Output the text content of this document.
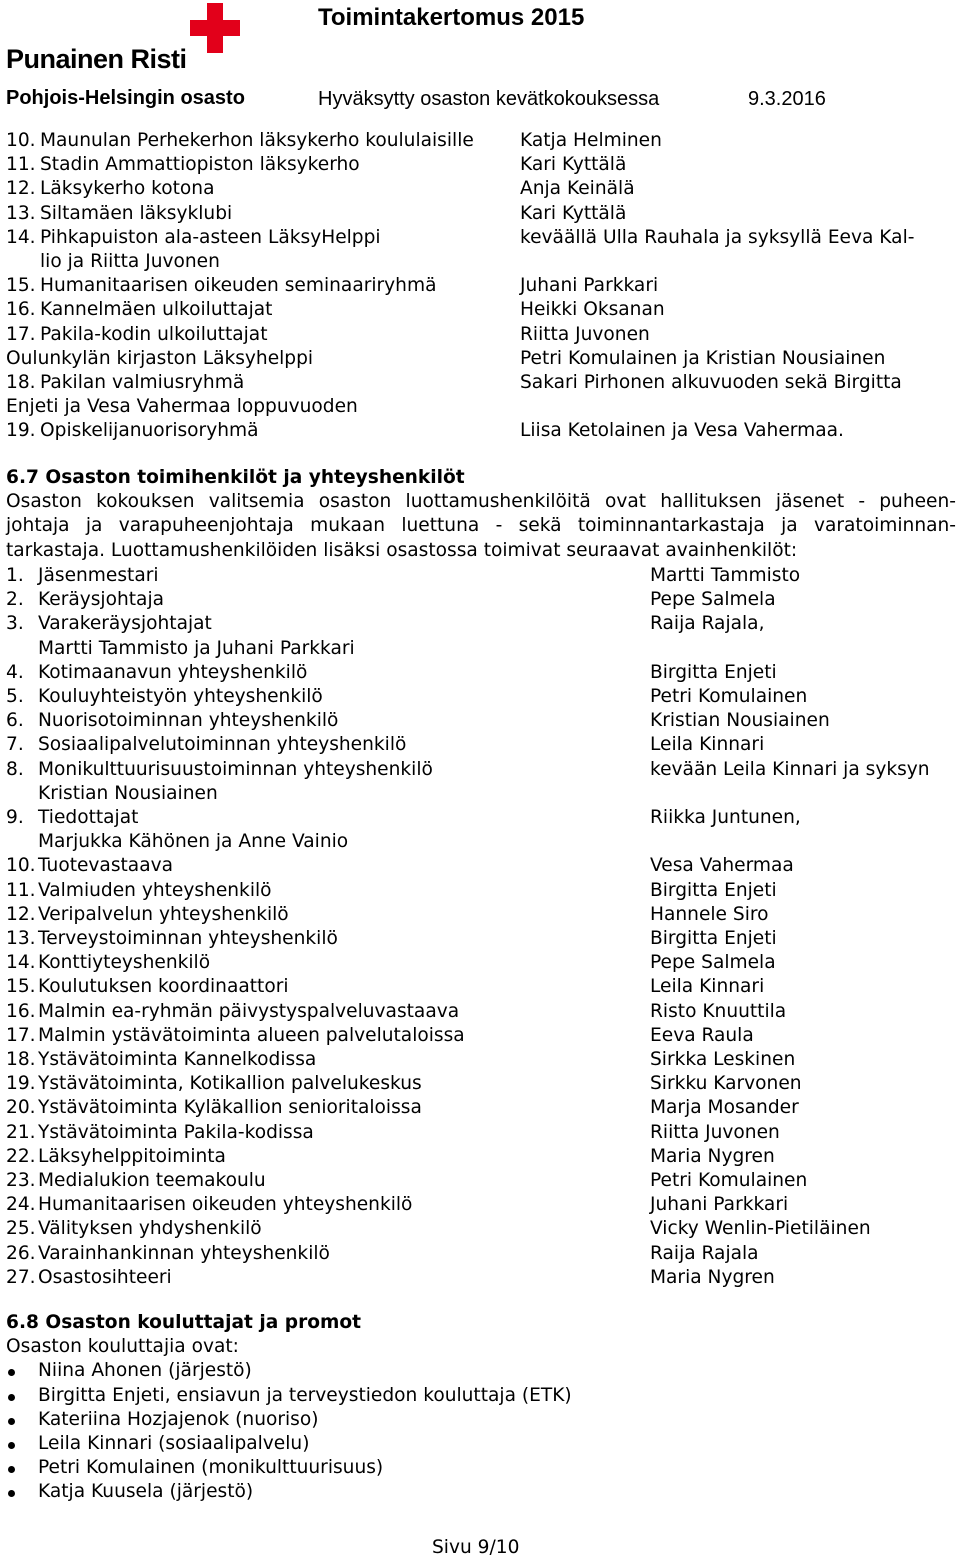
Punainen Risti
Toimintakertomus 2015
Pohjois-Helsingin osasto	Hyväksytty osaston kevätkokouksessa	9.3.2016
10. Maunulan Perhekerhon läksykerho koululaisille Katja Helminen
11. Stadin Ammattiopiston läksykerho	Kari Kyttälä
12. Läksykerho kotona	Anja Keinälä
13. Siltamäen läksyklubi	Kari Kyttälä
14. Pihkapuiston ala-asteen LäksyHelppi	keväällä Ulla Rauhala ja syksyllä Eeva Kal-
lio ja Riitta Juvonen
15. Humanitaarisen oikeuden seminaariryhmä	Juhani Parkkari
16. Kannelmäen ulkoiluttajat	Heikki Oksanan
17. Pakila-kodin ulkoiluttajat	Riitta Juvonen
Oulunkylän kirjaston Läksyhelppi	Petri Komulainen ja Kristian Nousiainen
18. Pakilan valmiusryhmä	Sakari Pirhonen alkuvuoden sekä Birgitta
Enjeti ja Vesa Vahermaa loppuvuoden
19. Opiskelijanuorisoryhmä	Liisa Ketolainen ja Vesa Vahermaa.
6.7 Osaston toimihenkilöt ja yhteyshenkilöt
Osaston kokouksen valitsemia osaston luottamushenkilöitä ovat hallituksen jäsenet - puheen-
johtaja ja varapuheenjohtaja mukaan luettuna - sekä toiminnantarkastaja ja varatoiminnan-
tarkastaja. Luottamushenkilöiden lisäksi osastossa toimivat seuraavat avainhenkilöt:
1. Jäsenmestari	Martti Tammisto
2. Keräysjohtaja	Pepe Salmela
3. Varakeräysjohtajat	Raija Rajala,
Martti Tammisto ja Juhani Parkkari
4. Kotimaanavun yhteyshenkilö	Birgitta Enjeti
5. Kouluyhteistyön yhteyshenkilö	Petri Komulainen
6. Nuorisotoiminnan yhteyshenkilö	Kristian Nousiainen
7. Sosiaalipalvelutoiminnan yhteyshenkilö	Leila Kinnari
8. Monikulttuurisuustoiminnan yhteyshenkilö	kevään Leila Kinnari ja syksyn
Kristian Nousiainen
9. Tiedottajat	Riikka Juntunen,
Marjukka Kähönen ja Anne Vainio
10. Tuotevastaava	Vesa Vahermaa
11. Valmiuden yhteyshenkilö	Birgitta Enjeti
12. Veripalvelun yhteyshenkilö	Hannele Siro
13. Terveystoiminnan yhteyshenkilö	Birgitta Enjeti
14. Konttiyteyshenkilö	Pepe Salmela
15. Koulutuksen koordinaattori	Leila Kinnari
16. Malmin ea-ryhmän päivystyspalveluvastaava	Risto Knuuttila
17. Malmin ystävätoiminta alueen palvelutaloissa	Eeva Raula
18. Ystävätoiminta Kannelkodissa	Sirkka Leskinen
19. Ystävätoiminta, Kotikallion palvelukeskus	Sirkku Karvonen
20. Ystävätoiminta Kyläkallion senioritaloissa	Marja Mosander
21. Ystävätoiminta Pakila-kodissa	Riitta Juvonen
22. Läksyhelppitoiminta	Maria Nygren
23. Medialukion teemakoulu	Petri Komulainen
24. Humanitaarisen oikeuden yhteyshenkilö	Juhani Parkkari
25. Välityksen yhdyshenkilö	Vicky Wenlin-Pietiläinen
26. Varainhankinnan yhteyshenkilö	Raija Rajala
27. Osastosihteeri	Maria Nygren
6.8 Osaston kouluttajat ja promot
Osaston kouluttajia ovat:
Niina Ahonen (järjestö)
Birgitta Enjeti, ensiavun ja terveystiedon kouluttaja (ETK)
Kateriina Hozjajenok (nuoriso)
Leila Kinnari (sosiaalipalvelu)
Petri Komulainen (monikulttuurisuus)
Katja Kuusela (järjestö)
Sivu 9/10
